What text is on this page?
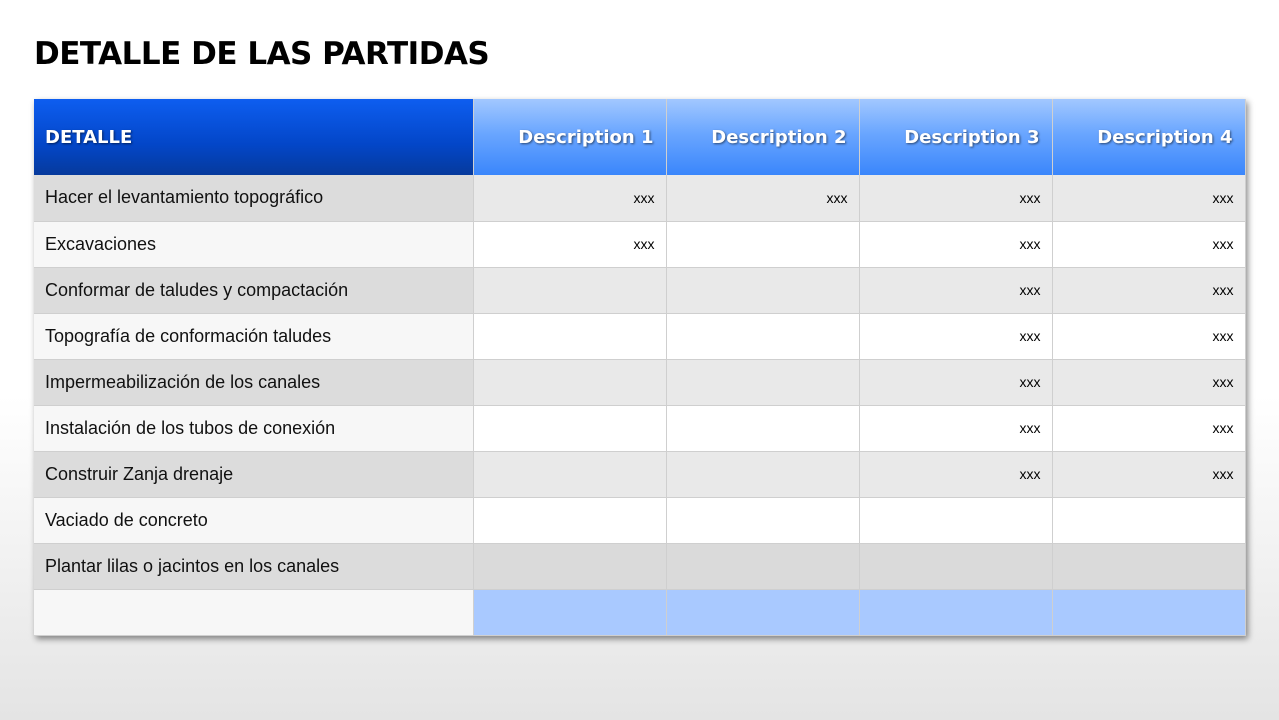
DETALLE DE LAS PARTIDAS
DETALLE	Description 1	Description 2	Description 3	Description 4
Hacer el levantamiento topográfico	xxx	xxx	xxx	xxx
Excavaciones	xxx		xxx	xxx
Conformar de taludes y compactación			xxx	xxx
Topografía de conformación taludes			xxx	xxx
Impermeabilización de los canales			xxx	xxx
Instalación de los tubos de conexión			xxx	xxx
Construir Zanja drenaje			xxx	xxx
Vaciado de concreto				
Plantar lilas o jacintos en los canales				
